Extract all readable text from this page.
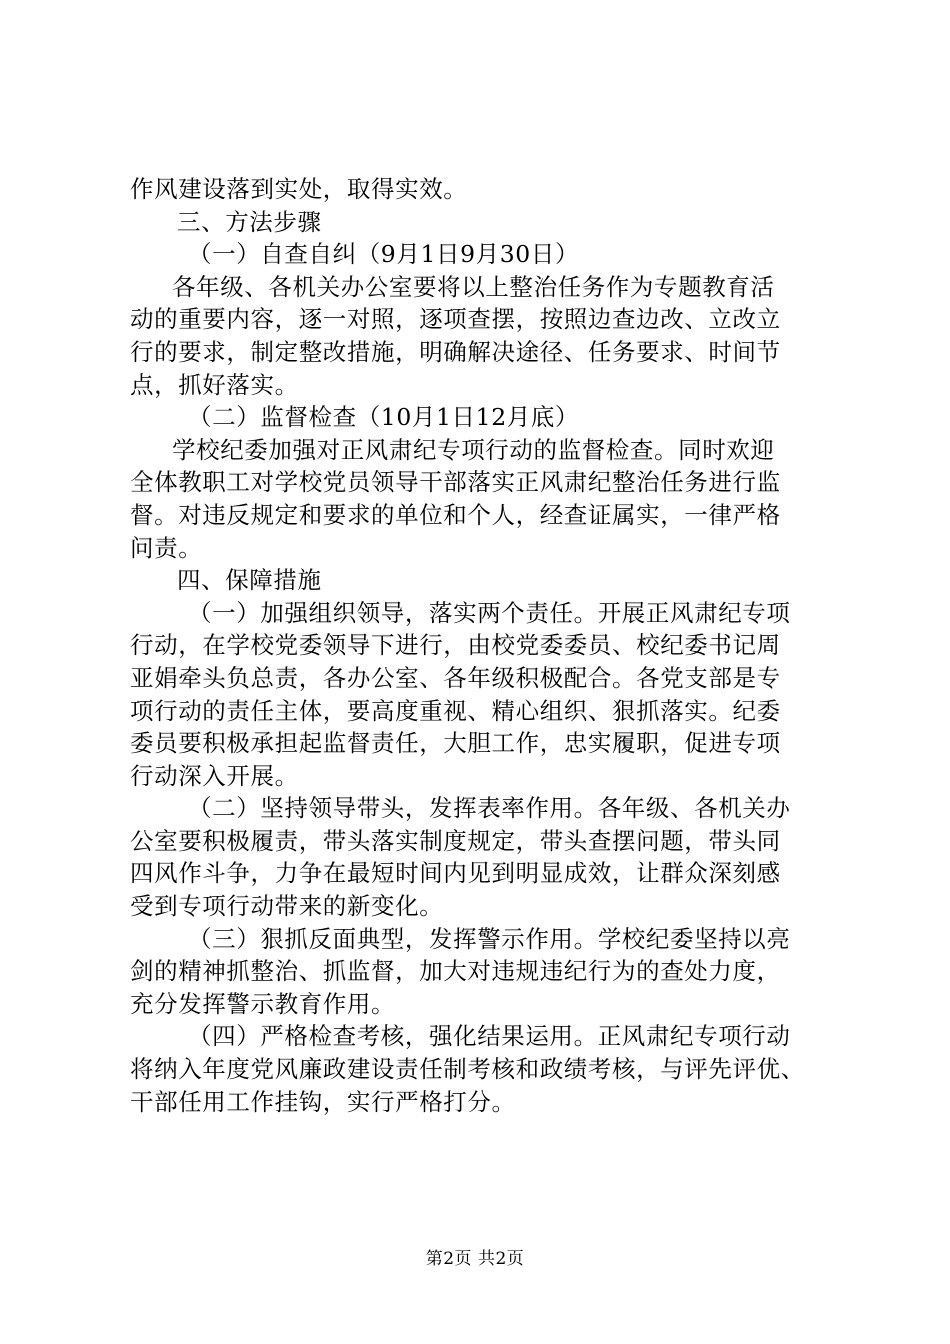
作风建设落到实处，取得实效。
三、方法步骤
（一）自查自纠（9月1日9月30日）
各年级、各机关办公室要将以上整治任务作为专题教育活
动的重要内容，逐一对照，逐项查摆，按照边查边改、立改立
行的要求，制定整改措施，明确解决途径、任务要求、时间节
点，抓好落实。
（二）监督检查（10月1日12月底）
学校纪委加强对正风肃纪专项行动的监督检查。同时欢迎
全体教职工对学校党员领导干部落实正风肃纪整治任务进行监
督。对违反规定和要求的单位和个人，经查证属实，一律严格
问责。
四、保障措施
（一）加强组织领导，落实两个责任。开展正风肃纪专项
行动，在学校党委领导下进行，由校党委委员、校纪委书记周
亚娟牵头负总责，各办公室、各年级积极配合。各党支部是专
项行动的责任主体，要高度重视、精心组织、狠抓落实。纪委
委员要积极承担起监督责任，大胆工作，忠实履职，促进专项
行动深入开展。
（二）坚持领导带头，发挥表率作用。各年级、各机关办
公室要积极履责，带头落实制度规定，带头查摆问题，带头同
四风作斗争，力争在最短时间内见到明显成效，让群众深刻感
受到专项行动带来的新变化。
（三）狠抓反面典型，发挥警示作用。学校纪委坚持以亮
剑的精神抓整治、抓监督，加大对违规违纪行为的查处力度，
充分发挥警示教育作用。
（四）严格检查考核，强化结果运用。正风肃纪专项行动
将纳入年度党风廉政建设责任制考核和政绩考核，与评先评优、
干部任用工作挂钩，实行严格打分。
第2页 共2页
